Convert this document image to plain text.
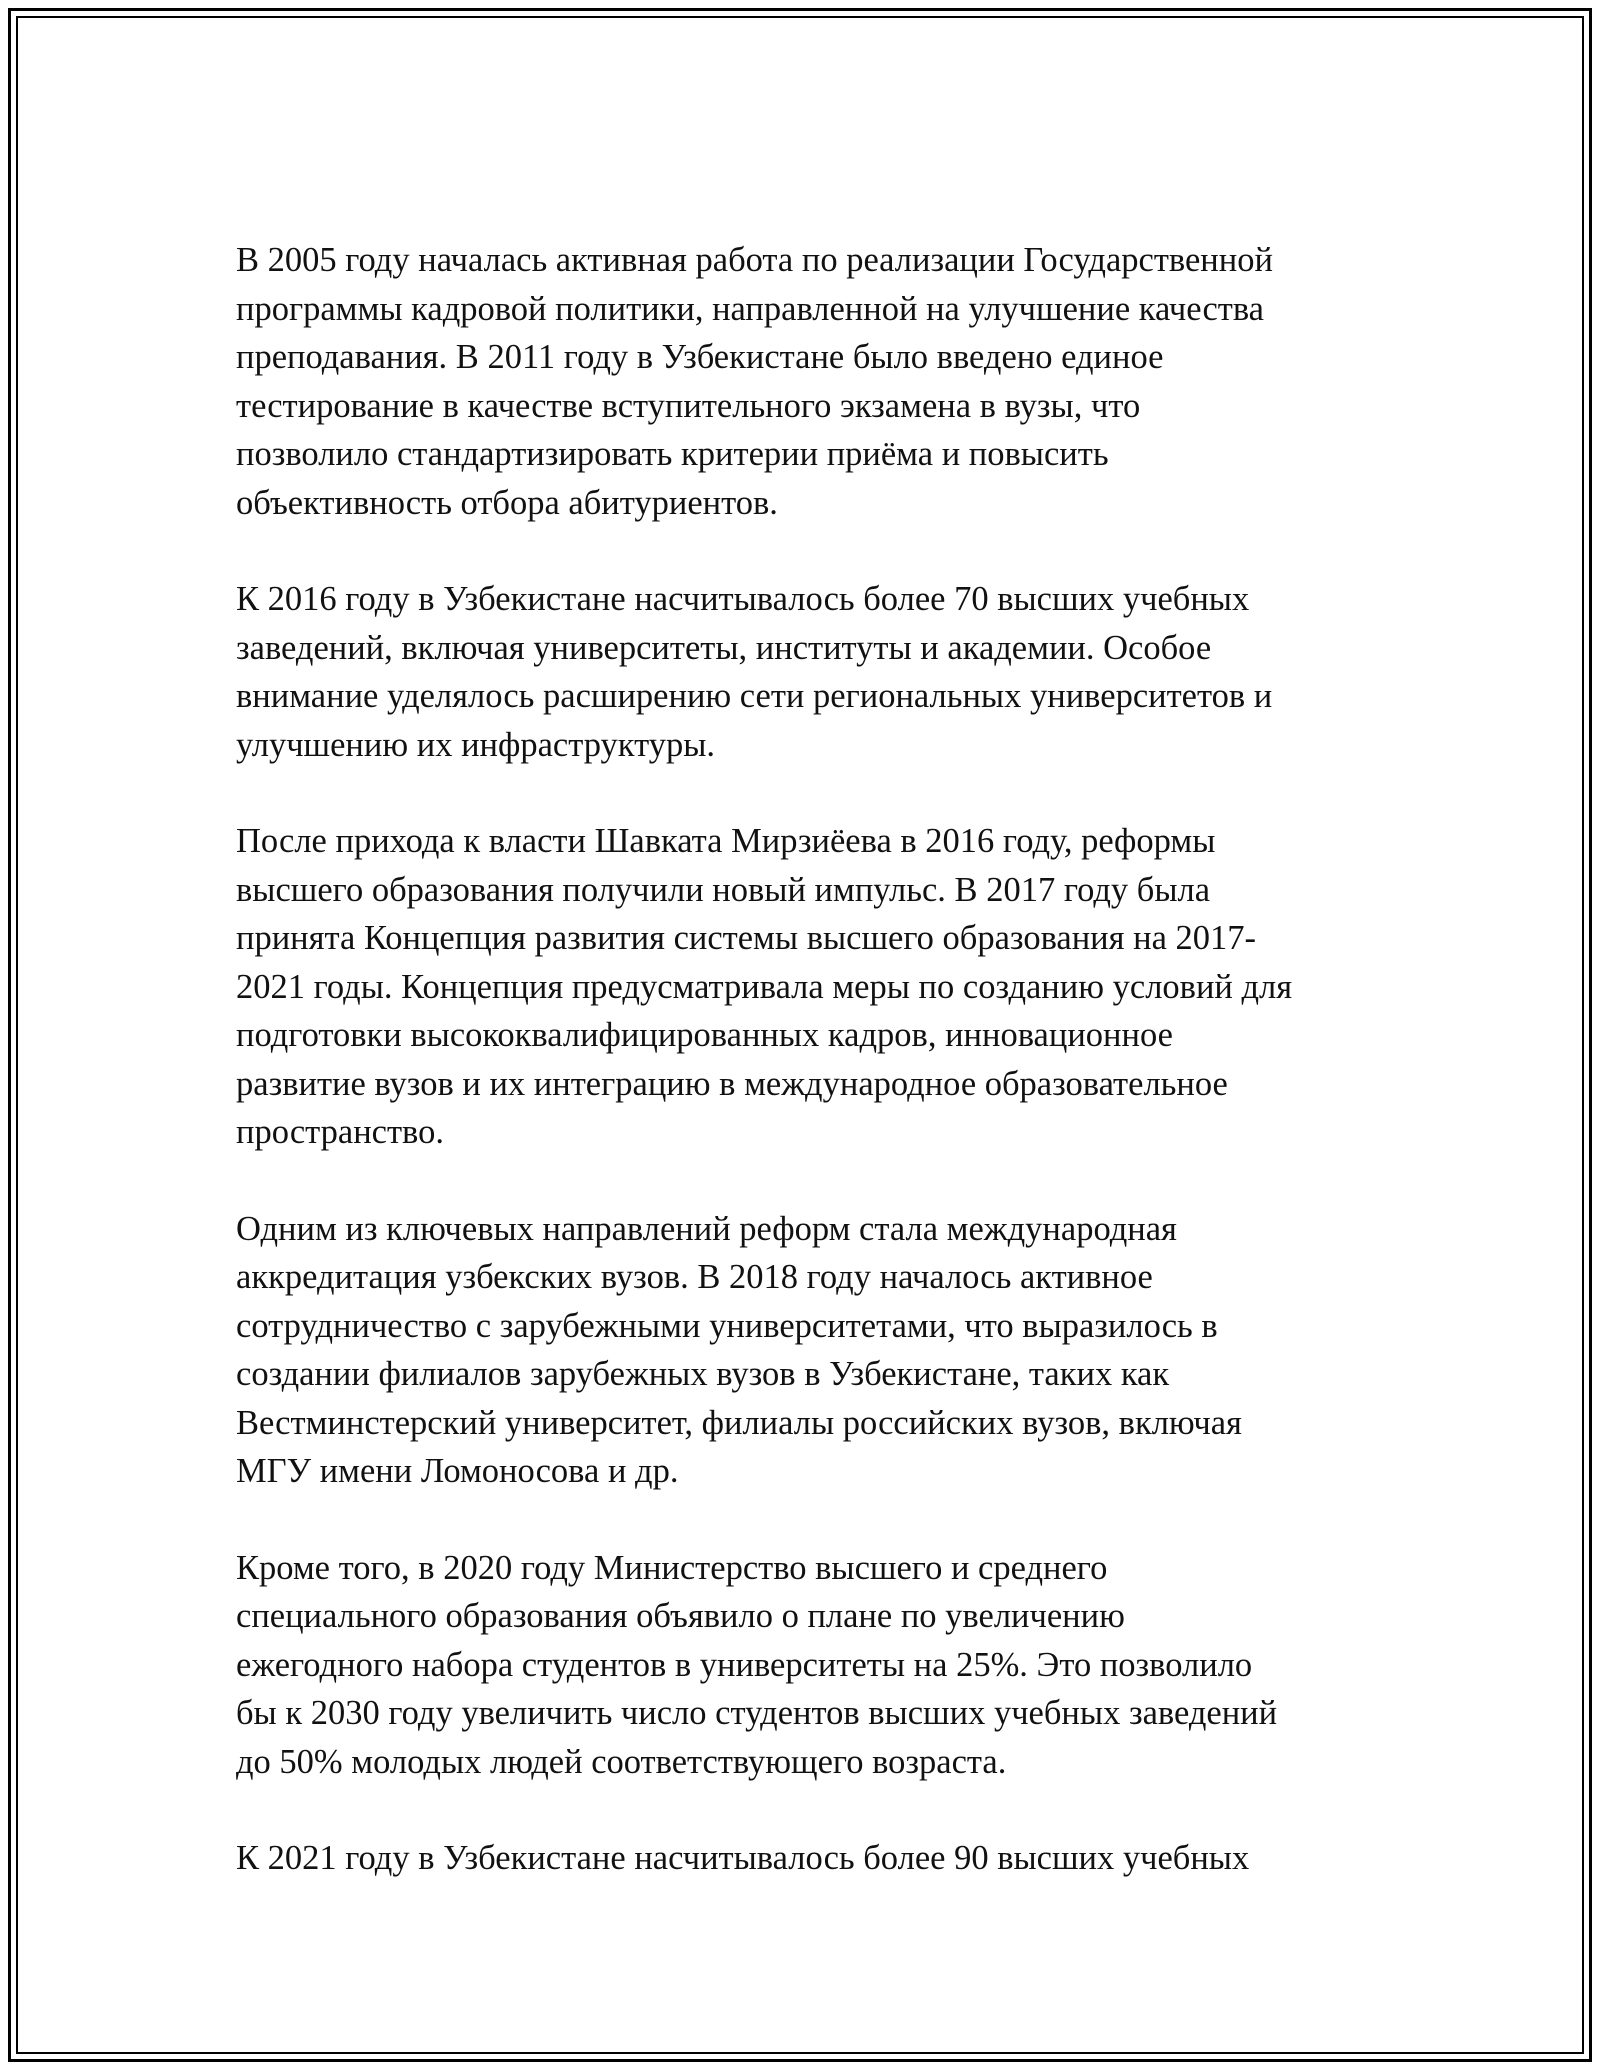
В 2005 году началась активная работа по реализации Государственной
программы кадровой политики, направленной на улучшение качества
преподавания. В 2011 году в Узбекистане было введено единое
тестирование в качестве вступительного экзамена в вузы, что
позволило стандартизировать критерии приёма и повысить
объективность отбора абитуриентов.

К 2016 году в Узбекистане насчитывалось более 70 высших учебных
заведений, включая университеты, институты и академии. Особое
внимание уделялось расширению сети региональных университетов и
улучшению их инфраструктуры.

После прихода к власти Шавката Мирзиёева в 2016 году, реформы
высшего образования получили новый импульс. В 2017 году была
принята Концепция развития системы высшего образования на 2017-
2021 годы. Концепция предусматривала меры по созданию условий для
подготовки высококвалифицированных кадров, инновационное
развитие вузов и их интеграцию в международное образовательное
пространство.

Одним из ключевых направлений реформ стала международная
аккредитация узбекских вузов. В 2018 году началось активное
сотрудничество с зарубежными университетами, что выразилось в
создании филиалов зарубежных вузов в Узбекистане, таких как
Вестминстерский университет, филиалы российских вузов, включая
МГУ имени Ломоносова и др.

Кроме того, в 2020 году Министерство высшего и среднего
специального образования объявило о плане по увеличению
ежегодного набора студентов в университеты на 25%. Это позволило
бы к 2030 году увеличить число студентов высших учебных заведений
до 50% молодых людей соответствующего возраста.

К 2021 году в Узбекистане насчитывалось более 90 высших учебных
